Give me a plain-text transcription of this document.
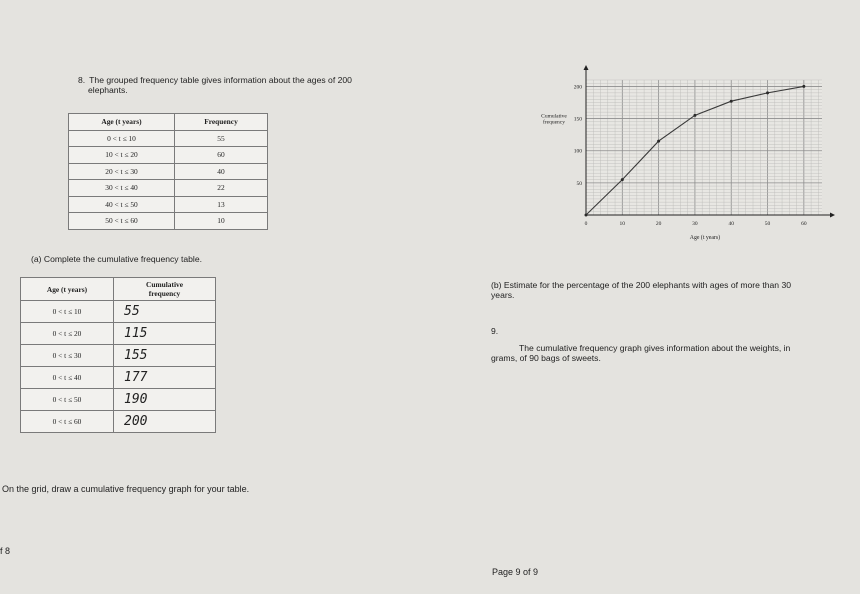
8. The grouped frequency table gives information about the ages of 200
elephants.
Age (t years)	Frequency
0 < t ≤ 10	55
10 < t ≤ 20	60
20 < t ≤ 30	40
30 < t ≤ 40	22
40 < t ≤ 50	13
50 < t ≤ 60	10
(a) Complete the cumulative frequency table.
Age (t years)	Cumulative
frequency

0 < t ≤ 10	55
0 < t ≤ 20	115
0 < t ≤ 30	155
0 < t ≤ 40	177
0 < t ≤ 50	190
0 < t ≤ 60	200
(b) Estimate for the percentage of the 200 elephants with ages of more than 30
years.
9.
The cumulative frequency graph gives information about the weights, in
grams, of 90 bags of sweets.
On the grid, draw a cumulative frequency graph for your table.
f 8
Page 9 of 9
0	10	20	30	40	50	60
50
100
150
200
Cumulative
frequency
Age (t years)
